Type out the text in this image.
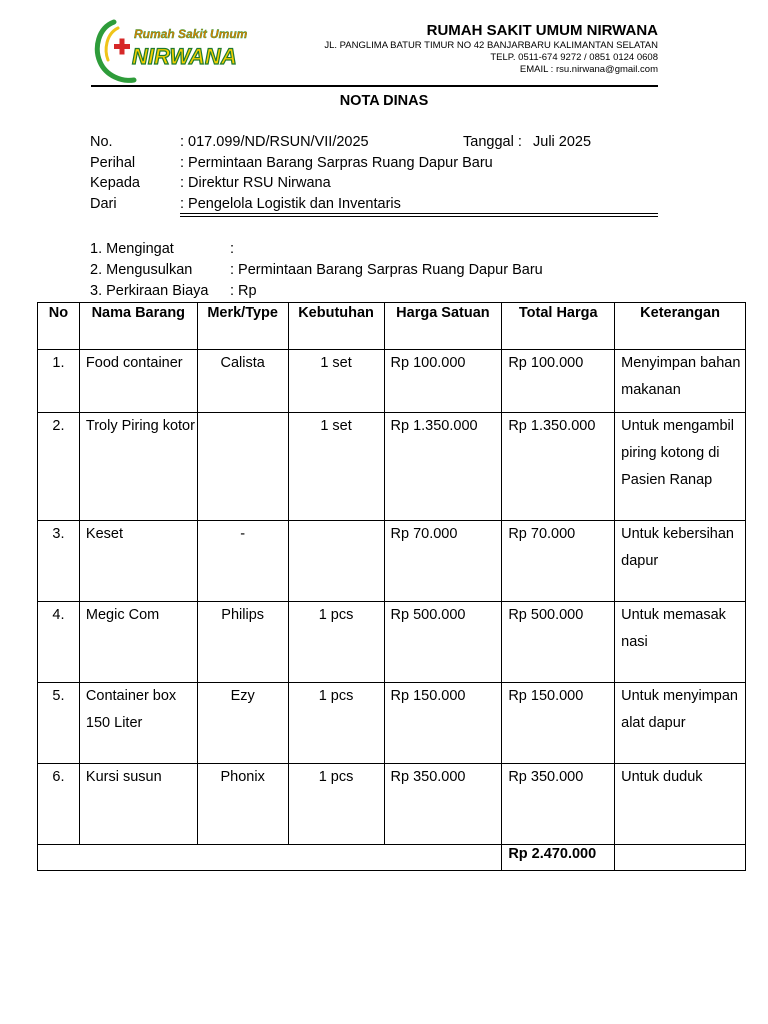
Rumah Sakit Umum
NIRWANA
RUMAH SAKIT UMUM NIRWANA
JL. PANGLIMA BATUR TIMUR NO 42 BANJARBARU KALIMANTAN SELATAN
TELP. 0511-674 9272 / 0851 0124 0608
EMAIL : rsu.nirwana@gmail.com
NOTA DINAS
No.	: 017.099/ND/RSUN/VII/2025	Tanggal : Juli 2025
Perihal	: Permintaan Barang Sarpras Ruang Dapur Baru
Kepada	: Direktur RSU Nirwana
Dari	: Pengelola Logistik dan Inventaris
1. Mengingat	:
2. Mengusulkan	: Permintaan Barang Sarpras Ruang Dapur Baru
3. Perkiraan Biaya : Rp
No	Nama Barang	Merk/Type	Kebutuhan	Harga Satuan	Total Harga	Keterangan
1.	Food container	Calista	1 set	Rp 100.000	Rp 100.000	Menyimpan bahan makanan
2.	Troly Piring kotor		1 set	Rp 1.350.000	Rp 1.350.000	Untuk mengambil piring kotong di Pasien Ranap
3.	Keset	-		Rp 70.000	Rp 70.000	Untuk kebersihan dapur
4.	Megic Com	Philips	1 pcs	Rp 500.000	Rp 500.000	Untuk memasak nasi
5.	Container box 150 Liter	Ezy	1 pcs	Rp 150.000	Rp 150.000	Untuk menyimpan alat dapur
6.	Kursi susun	Phonix	1 pcs	Rp 350.000	Rp 350.000	Untuk duduk
					Rp 2.470.000	
